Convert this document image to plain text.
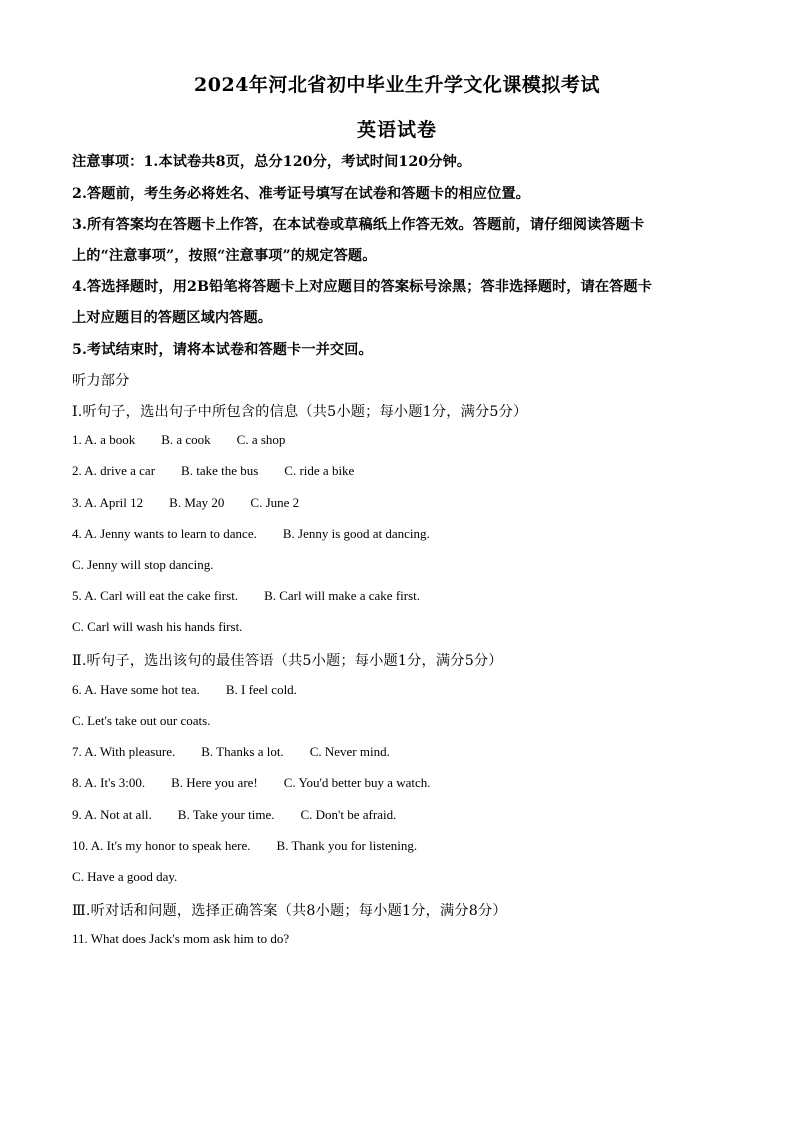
2024年河北省初中毕业生升学文化课模拟考试
英语试卷
注意事项：1.本试卷共8页，总分120分，考试时间120分钟。
2.答题前，考生务必将姓名、准考证号填写在试卷和答题卡的相应位置。
3.所有答案均在答题卡上作答，在本试卷或草稿纸上作答无效。答题前，请仔细阅读答题卡
上的“注意事项”，按照“注意事项”的规定答题。
4.答选择题时，用2B铅笔将答题卡上对应题目的答案标号涂黑；答非选择题时，请在答题卡
上对应题目的答题区域内答题。
5.考试结束时，请将本试卷和答题卡一并交回。
听力部分
Ⅰ.听句子，选出句子中所包含的信息（共5小题；每小题1分，满分5分）
1. A. a book B. a cook C. a shop
2. A. drive a car B. take the bus C. ride a bike
3. A. April 12 B. May 20 C. June 2
4. A. Jenny wants to learn to dance. B. Jenny is good at dancing.
C. Jenny will stop dancing.
5. A. Carl will eat the cake first. B. Carl will make a cake first.
C. Carl will wash his hands first.
Ⅱ.听句子，选出该句的最佳答语（共5小题；每小题1分，满分5分）
6. A. Have some hot tea. B. I feel cold.
C. Let's take out our coats.
7. A. With pleasure. B. Thanks a lot. C. Never mind.
8. A. It's 3:00. B. Here you are! C. You'd better buy a watch.
9. A. Not at all. B. Take your time. C. Don't be afraid.
10. A. It's my honor to speak here. B. Thank you for listening.
C. Have a good day.
Ⅲ.听对话和问题，选择正确答案（共8小题；每小题1分，满分8分）
11. What does Jack's mom ask him to do?
